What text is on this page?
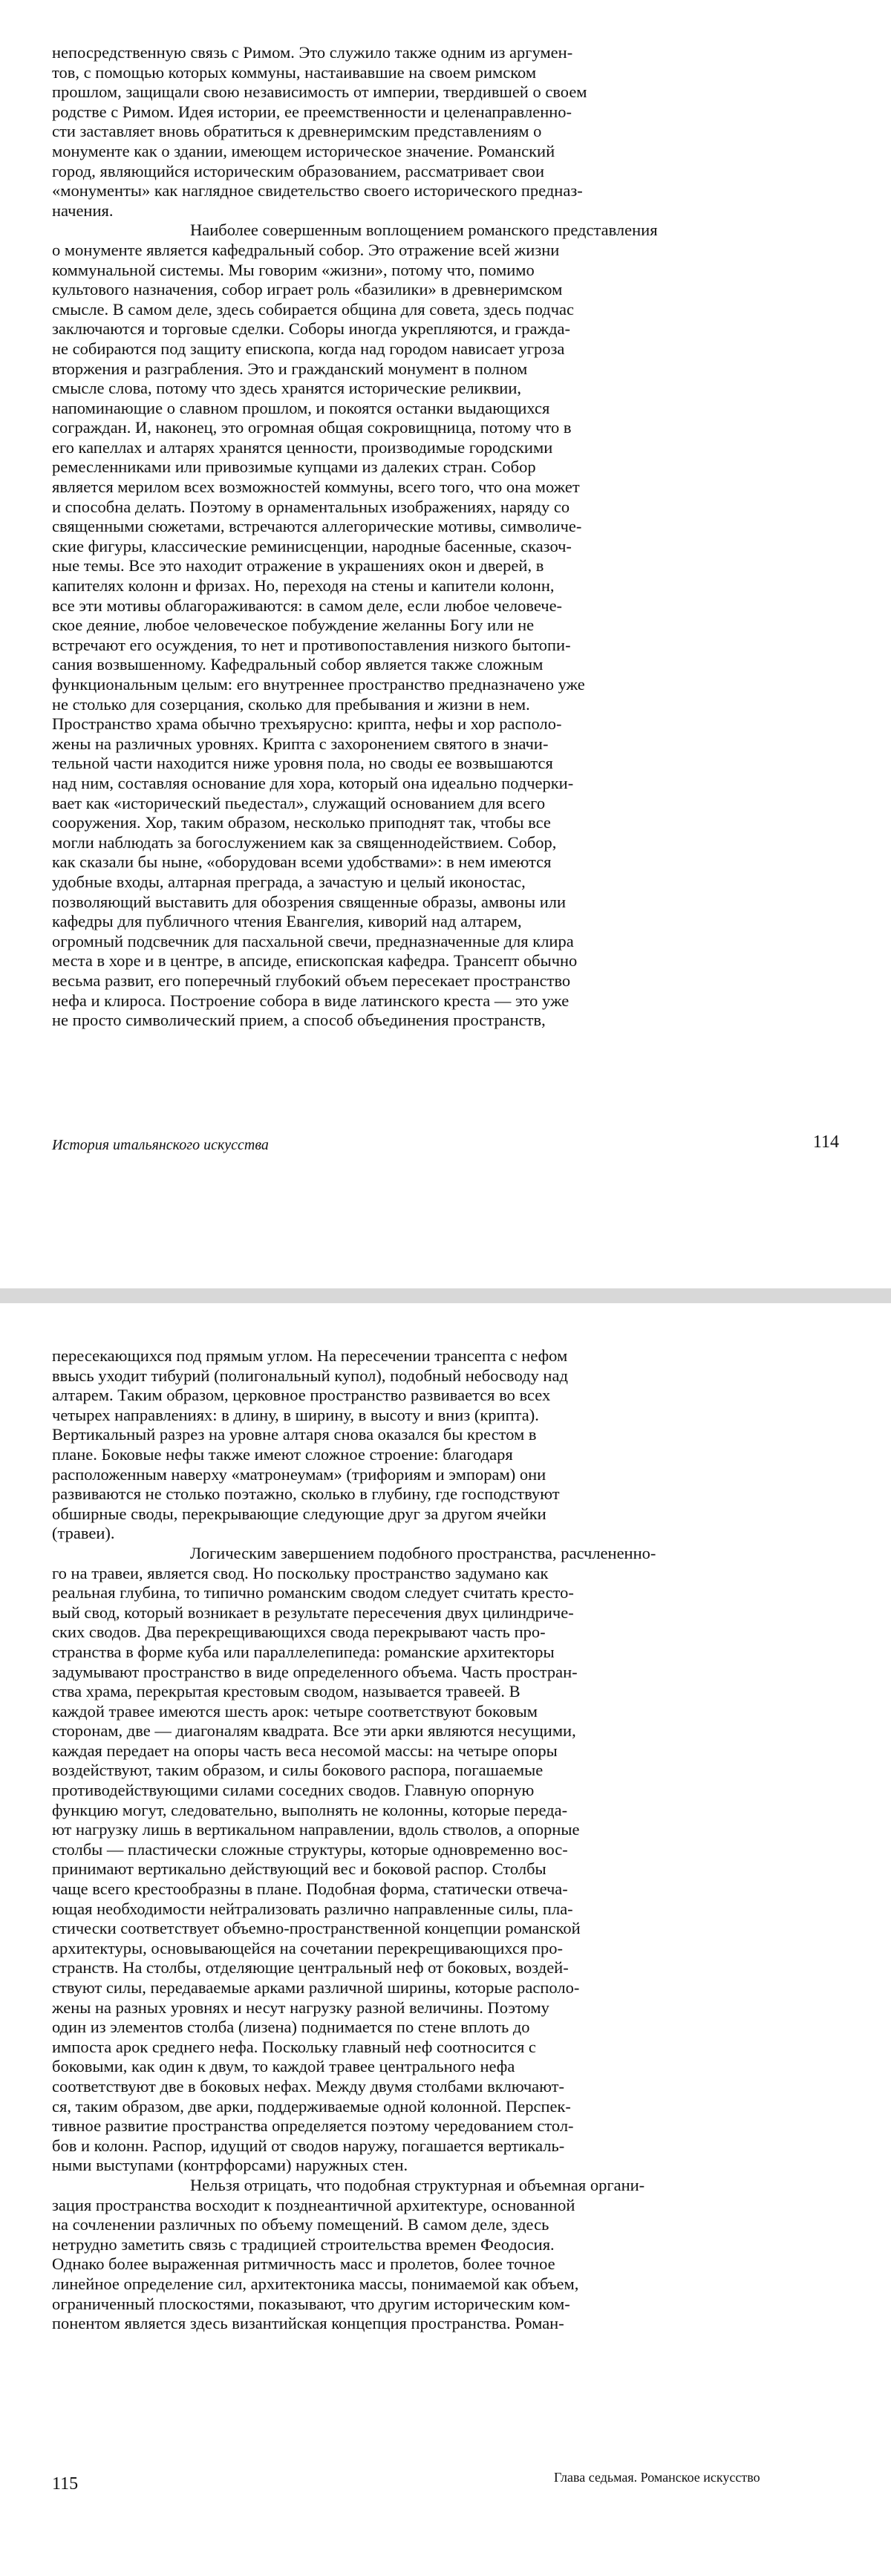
непосредственную связь с Римом. Это служило также одним из аргумен-
тов, с помощью которых коммуны, настаивавшие на своем римском
прошлом, защищали свою независимость от империи, твердившей о своем
родстве с Римом. Идея истории, ее преемственности и целенаправленно-
сти заставляет вновь обратиться к древнеримским представлениям о
монументе как о здании, имеющем историческое значение. Романский
город, являющийся историческим образованием, рассматривает свои
«монументы» как наглядное свидетельство своего исторического предназ-
начения.
Наиболее совершенным воплощением романского представления
о монументе является кафедральный собор. Это отражение всей жизни
коммунальной системы. Мы говорим «жизни», потому что, помимо
культового назначения, собор играет роль «базилики» в древнеримском
смысле. В самом деле, здесь собирается община для совета, здесь подчас
заключаются и торговые сделки. Соборы иногда укрепляются, и гражда-
не собираются под защиту епископа, когда над городом нависает угроза
вторжения и разграбления. Это и гражданский монумент в полном
смысле слова, потому что здесь хранятся исторические реликвии,
напоминающие о славном прошлом, и покоятся останки выдающихся
сограждан. И, наконец, это огромная общая сокровищница, потому что в
его капеллах и алтарях хранятся ценности, производимые городскими
ремесленниками или привозимые купцами из далеких стран. Собор
является мерилом всех возможностей коммуны, всего того, что она может
и способна делать. Поэтому в орнаментальных изображениях, наряду со
священными сюжетами, встречаются аллегорические мотивы, символиче-
ские фигуры, классические реминисценции, народные басенные, сказоч-
ные темы. Все это находит отражение в украшениях окон и дверей, в
капителях колонн и фризах. Но, переходя на стены и капители колонн,
все эти мотивы облагораживаются: в самом деле, если любое человече-
ское деяние, любое человеческое побуждение желанны Богу или не
встречают его осуждения, то нет и противопоставления низкого бытопи-
сания возвышенному. Кафедральный собор является также сложным
функциональным целым: его внутреннее пространство предназначено уже
не столько для созерцания, сколько для пребывания и жизни в нем.
Пространство храма обычно трехъярусно: крипта, нефы и хор располо-
жены на различных уровнях. Крипта с захоронением святого в значи-
тельной части находится ниже уровня пола, но своды ее возвышаются
над ним, составляя основание для хора, который она идеально подчерки-
вает как «исторический пьедестал», служащий основанием для всего
сооружения. Хор, таким образом, несколько приподнят так, чтобы все
могли наблюдать за богослужением как за священнодействием. Собор,
как сказали бы ныне, «оборудован всеми удобствами»: в нем имеются
удобные входы, алтарная преграда, а зачастую и целый иконостас,
позволяющий выставить для обозрения священные образы, амвоны или
кафедры для публичного чтения Евангелия, киворий над алтарем,
огромный подсвечник для пасхальной свечи, предназначенные для клира
места в хоре и в центре, в апсиде, епископская кафедра. Трансепт обычно
весьма развит, его поперечный глубокий объем пересекает пространство
нефа и клироса. Построение собора в виде латинского креста — это уже
не просто символический прием, а способ объединения пространств,
История итальянского искусства	114
пересекающихся под прямым углом. На пересечении трансепта с нефом
ввысь уходит тибурий (полигональный купол), подобный небосводу над
алтарем. Таким образом, церковное пространство развивается во всех
четырех направлениях: в длину, в ширину, в высоту и вниз (крипта).
Вертикальный разрез на уровне алтаря снова оказался бы крестом в
плане. Боковые нефы также имеют сложное строение: благодаря
расположенным наверху «матронеумам» (трифориям и эмпорам) они
развиваются не столько поэтажно, сколько в глубину, где господствуют
обширные своды, перекрывающие следующие друг за другом ячейки
(травеи).
Логическим завершением подобного пространства, расчлененно-
го на травеи, является свод. Но поскольку пространство задумано как
реальная глубина, то типично романским сводом следует считать кресто-
вый свод, который возникает в результате пересечения двух цилиндриче-
ских сводов. Два перекрещивающихся свода перекрывают часть про-
странства в форме куба или параллелепипеда: романские архитекторы
задумывают пространство в виде определенного объема. Часть простран-
ства храма, перекрытая крестовым сводом, называется травеей. В
каждой травее имеются шесть арок: четыре соответствуют боковым
сторонам, две — диагоналям квадрата. Все эти арки являются несущими,
каждая передает на опоры часть веса несомой массы: на четыре опоры
воздействуют, таким образом, и силы бокового распора, погашаемые
противодействующими силами соседних сводов. Главную опорную
функцию могут, следовательно, выполнять не колонны, которые переда-
ют нагрузку лишь в вертикальном направлении, вдоль стволов, а опорные
столбы — пластически сложные структуры, которые одновременно вос-
принимают вертикально действующий вес и боковой распор. Столбы
чаще всего крестообразны в плане. Подобная форма, статически отвеча-
ющая необходимости нейтрализовать различно направленные силы, пла-
стически соответствует объемно-пространственной концепции романской
архитектуры, основывающейся на сочетании перекрещивающихся про-
странств. На столбы, отделяющие центральный неф от боковых, воздей-
ствуют силы, передаваемые арками различной ширины, которые располо-
жены на разных уровнях и несут нагрузку разной величины. Поэтому
один из элементов столба (лизена) поднимается по стене вплоть до
импоста арок среднего нефа. Поскольку главный неф соотносится с
боковыми, как один к двум, то каждой травее центрального нефа
соответствуют две в боковых нефах. Между двумя столбами включают-
ся, таким образом, две арки, поддерживаемые одной колонной. Перспек-
тивное развитие пространства определяется поэтому чередованием стол-
бов и колонн. Распор, идущий от сводов наружу, погашается вертикаль-
ными выступами (контрфорсами) наружных стен.
Нельзя отрицать, что подобная структурная и объемная органи-
зация пространства восходит к позднеантичной архитектуре, основанной
на сочленении различных по объему помещений. В самом деле, здесь
нетрудно заметить связь с традицией строительства времен Феодосия.
Однако более выраженная ритмичность масс и пролетов, более точное
линейное определение сил, архитектоника массы, понимаемой как объем,
ограниченный плоскостями, показывают, что другим историческим ком-
понентом является здесь византийская концепция пространства. Роман-
115	Глава седьмая. Романское искусство
